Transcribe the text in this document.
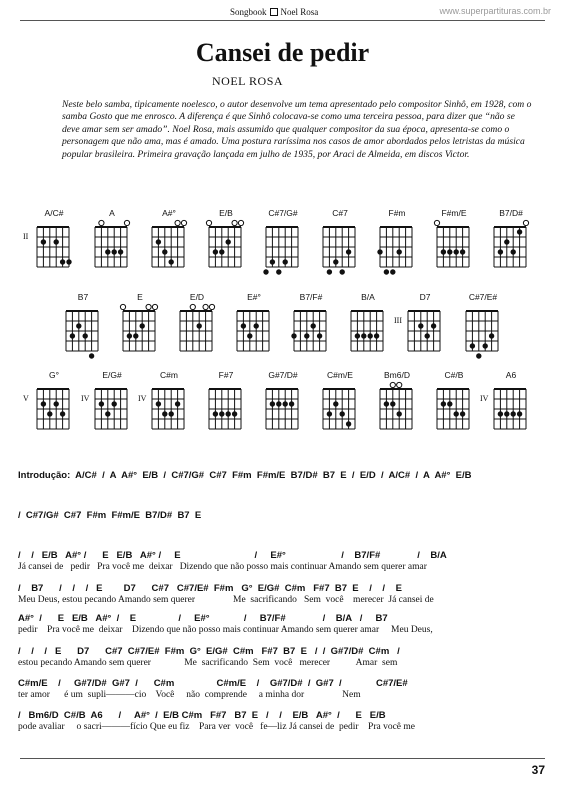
Songbook Noel Rosa	www.superpartituras.com.br
Cansei de pedir
NOEL ROSA
Neste belo samba, tipicamente noelesco, o autor desenvolve um tema apresentado pelo compositor Sinhô, em 1928, com o samba Gosto que me enrosco. A diferença é que Sinhô colocava-se como uma terceira pessoa, para dizer que “não se deve amar sem ser amado”. Noel Rosa, mais assumido que qualquer compositor da sua época, apresenta-se como o personagem que não ama, mas é amado. Uma postura raríssima nos casos de amor abordados pelos letristas da música popular brasileira. Primeira gravação lançada em julho de 1935, por Araci de Almeida, em discos Victor.
A/C#
II
A	A#°	E/B	C#7/G#	C#7	F#m	F#m/E	B7/D#
B7	E	E/D	E#°	B7/F#	B/A	D7
III
C#7/E#
G°
V
E/G#
IV
C#m
IV
F#7	G#7/D#	C#m/E	Bm6/D	C#/B	A6
IV
Introdução:  A/C#  /  A  A#°  E/B  /  C#7/G#  C#7  F#m  F#m/E  B7/D#  B7  E  /  E/D  /  A/C#  /  A  A#°  E/B
/  C#7/G#  C#7  F#m  F#m/E  B7/D#  B7  E
/    /   E/B   A#° /      E   E/B   A#° /     E                            /     E#°                     /    B7/F#              /    B/A
Já cansei de   pedir   Pra você me  deixar   Dizendo que não posso mais continuar Amando sem querer amar
/    B7      /    /    /   E        D7      C#7   C#7/E#  F#m   G°  E/G#  C#m   F#7  B7  E    /    /    E
Meu Deus, estou pecando Amando sem querer                Me  sacrificando   Sem  você    merecer  Já cansei de
A#°  /      E   E/B   A#°  /    E                /     E#°             /     B7/F#              /    B/A   /     B7
pedir    Pra você me  deixar    Dizendo que não posso mais continuar Amando sem querer amar     Meu Deus,
/    /    /   E      D7      C#7  C#7/E#  F#m  G°  E/G#  C#m   F#7  B7  E   /  /  G#7/D#  C#m   /
estou pecando Amando sem querer              Me  sacrificando  Sem  você   merecer           Amar  sem
C#m/E    /     G#7/D#  G#7  /      C#m                C#m/E    /    G#7/D#  /  G#7  /             C#7/E#
ter amor      é um  supli———cio    Você     não  comprende     a minha dor                Nem
/   Bm6/D  C#/B  A6      /     A#°  /  E/B C#m   F#7   B7  E   /    /    E/B   A#°  /      E   E/B
pode avaliar     o sacri———fício Que eu fiz    Para ver  você   fe—liz Já cansei de  pedir    Pra você me
37
